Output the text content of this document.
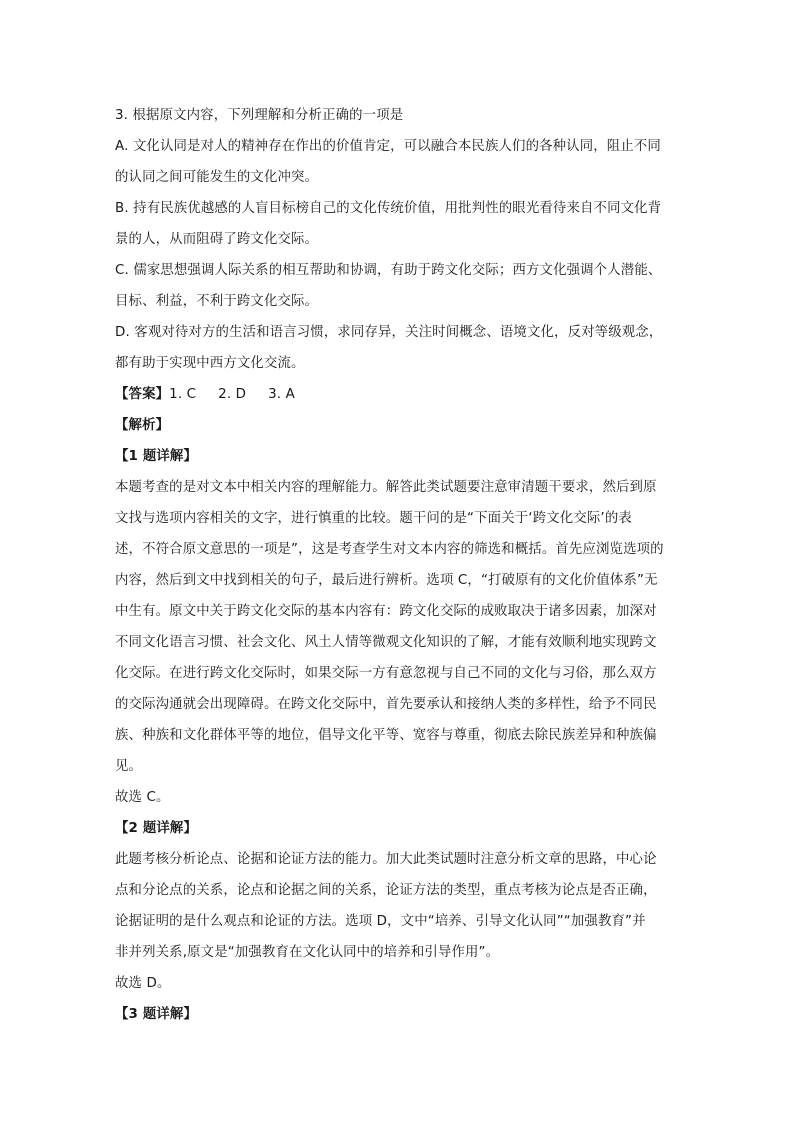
3. 根据原文内容，下列理解和分析正确的一项是
A. 文化认同是对人的精神存在作出的价值肯定，可以融合本民族人们的各种认同，阻止不同
的认同之间可能发生的文化冲突。
B. 持有民族优越感的人盲目标榜自己的文化传统价值，用批判性的眼光看待来自不同文化背
景的人，从而阻碍了跨文化交际。
C. 儒家思想强调人际关系的相互帮助和协调，有助于跨文化交际；西方文化强调个人潜能、
目标、利益，不利于跨文化交际。
D. 客观对待对方的生活和语言习惯，求同存异，关注时间概念、语境文化，反对等级观念，
都有助于实现中西方文化交流。
【答案】1. C 2. D 3. A
【解析】
【1 题详解】
本题考查的是对文本中相关内容的理解能力。解答此类试题要注意审清题干要求，然后到原
文找与选项内容相关的文字，进行慎重的比较。题干问的是“下面关于‘跨文化交际’的表
述，不符合原文意思的一项是”，这是考查学生对文本内容的筛选和概括。首先应浏览选项的
内容，然后到文中找到相关的句子，最后进行辨析。选项 C，“打破原有的文化价值体系”无
中生有。原文中关于跨文化交际的基本内容有：跨文化交际的成败取决于诸多因素，加深对
不同文化语言习惯、社会文化、风土人情等微观文化知识的了解，才能有效顺利地实现跨文
化交际。在进行跨文化交际时，如果交际一方有意忽视与自己不同的文化与习俗，那么双方
的交际沟通就会出现障碍。在跨文化交际中，首先要承认和接纳人类的多样性，给予不同民
族、种族和文化群体平等的地位，倡导文化平等、宽容与尊重，彻底去除民族差异和种族偏
见。
故选 C。
【2 题详解】
此题考核分析论点、论据和论证方法的能力。加大此类试题时注意分析文章的思路，中心论
点和分论点的关系，论点和论据之间的关系，论证方法的类型，重点考核为论点是否正确，
论据证明的是什么观点和论证的方法。选项 D，文中“培养、引导文化认同”“加强教育”并
非并列关系,原文是“加强教育在文化认同中的培养和引导作用”。
故选 D。
【3 题详解】
